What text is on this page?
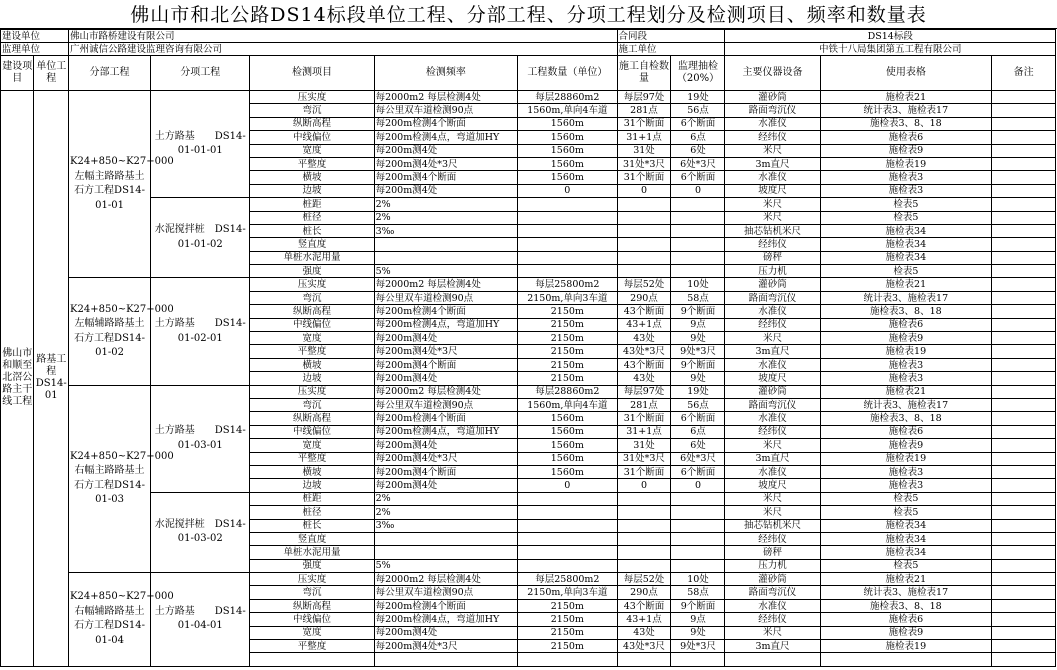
佛山市和北公路DS14标段单位工程、分部工程、分项工程划分及检测项目、频率和数量表
建设单位		佛山市路桥建设有限公司					合同段		DS14标段		
监理单位		广州诚信公路建设监理咨询有限公司					施工单位		中铁十八局集团第五工程有限公司		
建设项目	单位工程	分部工程	分项工程	检测项目	检测频率	工程数量（单位）	施工自检数量	监理抽检（20%）	主要仪器设备	使用表格	备注
佛山市和顺至北滘公路主干线工程	路基工程DS14-01	K24+850~K27+000左幅主路路基土石方工程DS14-01-01	土方路基　　DS14-01-01-01	压实度	每2000m2 每层检测4处	每层28860m2	每层97处	19处	灌砂筒	施检表21	
				弯沉	每公里双车道检测90点	1560m,单向4车道	281点	56点	路面弯沉仪	统计表3、施检表17	
				纵断高程	每200m检测4个断面	1560m	31个断面	6个断面	水准仪	施检表3、8、18	
				中线偏位	每200m检测4点，弯道加HY	1560m	31+1点	6点	经纬仪	施检表6	
				宽度	每200m测4处	1560m	31处	6处	米尺	施检表9	
				平整度	每200m测4处*3尺	1560m	31处*3尺	6处*3尺	3m直尺	施检表19	
				横坡	每200m测4个断面	1560m	31个断面	6个断面	水准仪	施检表3	
				边坡	每200m测4处	0	0	0	坡度尺	施检表3	
			水泥搅拌桩　DS14-01-01-02	桩距	2%				米尺	检表5	
				桩径	2%				米尺	检表5	
				桩长	3‰				抽芯钻机米尺	施检表34	
				竖直度					经纬仪	施检表34	
				单桩水泥用量					磅秤	施检表34	
				强度	5%				压力机	检表5	
		K24+850~K27+000左幅辅路路基土石方工程DS14-01-02	土方路基　　DS14-01-02-01	压实度	每2000m2 每层检测4处	每层25800m2	每层52处	10处	灌砂筒	施检表21	
				弯沉	每公里双车道检测90点	2150m,单向3车道	290点	58点	路面弯沉仪	统计表3、施检表17	
				纵断高程	每200m检测4个断面	2150m	43个断面	9个断面	水准仪	施检表3、8、18	
				中线偏位	每200m检测4点，弯道加HY	2150m	43+1点	9点	经纬仪	施检表6	
				宽度	每200m测4处	2150m	43处	9处	米尺	施检表9	
				平整度	每200m测4处*3尺	2150m	43处*3尺	9处*3尺	3m直尺	施检表19	
				横坡	每200m测4个断面	2150m	43个断面	9个断面	水准仪	施检表3	
				边坡	每200m测4处	2150m	43处	9处	坡度尺	施检表3	
		K24+850~K27+000右幅主路路基土石方工程DS14-01-03	土方路基　　DS14-01-03-01	压实度	每2000m2 每层检测4处	每层28860m2	每层97处	19处	灌砂筒	施检表21	
				弯沉	每公里双车道检测90点	1560m,单向4车道	281点	56点	路面弯沉仪	统计表3、施检表17	
				纵断高程	每200m检测4个断面	1560m	31个断面	6个断面	水准仪	施检表3、8、18	
				中线偏位	每200m检测4点，弯道加HY	1560m	31+1点	6点	经纬仪	施检表6	
				宽度	每200m测4处	1560m	31处	6处	米尺	施检表9	
				平整度	每200m测4处*3尺	1560m	31处*3尺	6处*3尺	3m直尺	施检表19	
				横坡	每200m测4个断面	1560m	31个断面	6个断面	水准仪	施检表3	
				边坡	每200m测4处	0	0	0	坡度尺	施检表3	
			水泥搅拌桩　DS14-01-03-02	桩距	2%				米尺	检表5	
				桩径	2%				米尺	检表5	
				桩长	3‰				抽芯钻机米尺	施检表34	
				竖直度					经纬仪	施检表34	
				单桩水泥用量					磅秤	施检表34	
				强度	5%				压力机	检表5	
		K24+850~K27+000右幅辅路路基土石方工程DS14-01-04	土方路基　　DS14-01-04-01	压实度	每2000m2 每层检测4处	每层25800m2	每层52处	10处	灌砂筒	施检表21	
				弯沉	每公里双车道检测90点	2150m,单向3车道	290点	58点	路面弯沉仪	统计表3、施检表17	
				纵断高程	每200m检测4个断面	2150m	43个断面	9个断面	水准仪	施检表3、8、18	
				中线偏位	每200m检测4点，弯道加HY	2150m	43+1点	9点	经纬仪	施检表6	
				宽度	每200m测4处	2150m	43处	9处	米尺	施检表9	
				平整度	每200m测4处*3尺	2150m	43处*3尺	9处*3尺	3m直尺	施检表19	
